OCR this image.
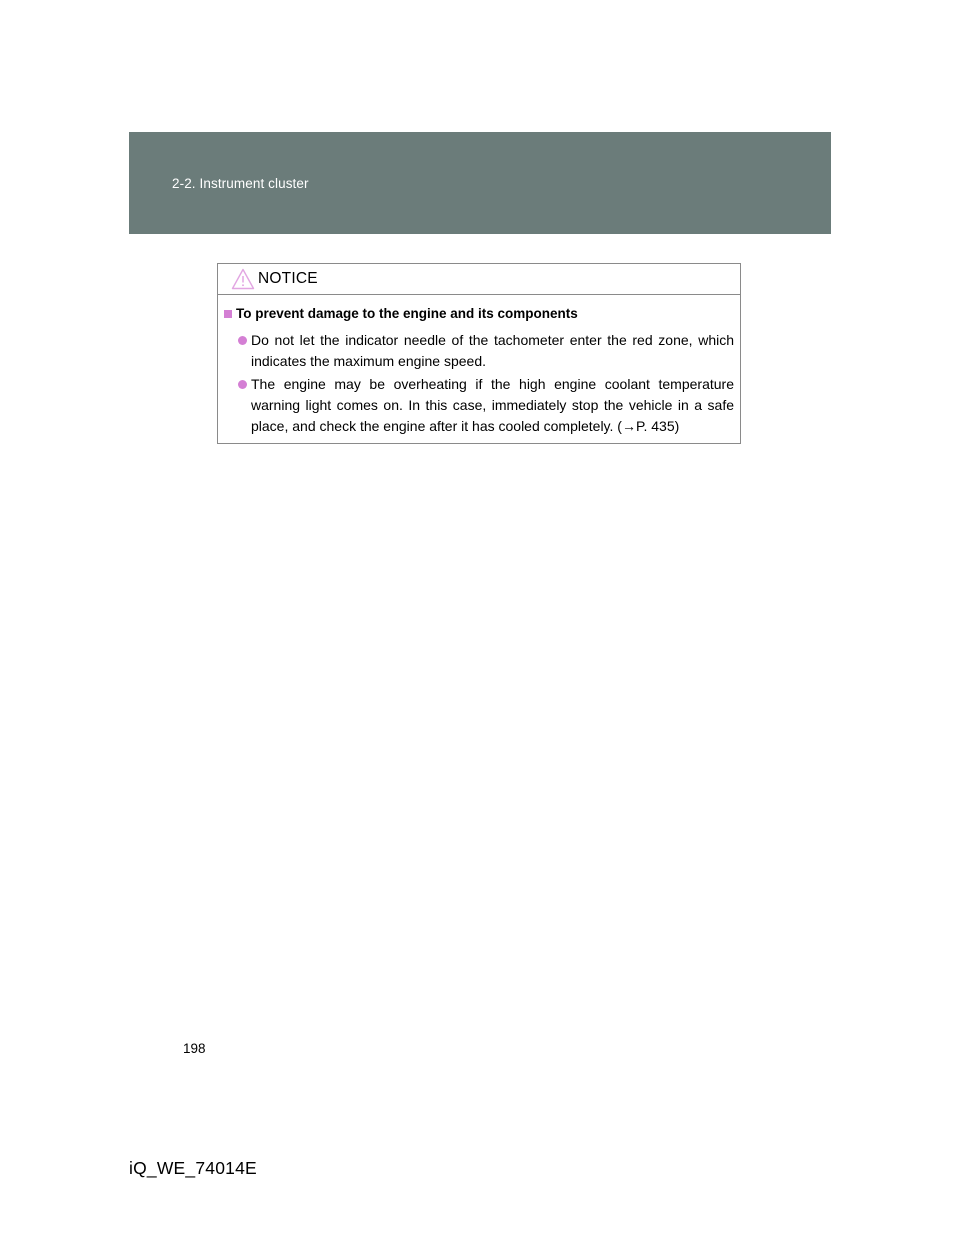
2-2. Instrument cluster
NOTICE
To prevent damage to the engine and its components
Do not let the indicator needle of the tachometer enter the red zone, which indicates the maximum engine speed.
The engine may be overheating if the high engine coolant temperature warning light comes on. In this case, immediately stop the vehicle in a safe place, and check the engine after it has cooled completely. (→P. 435)
198
iQ_WE_74014E
